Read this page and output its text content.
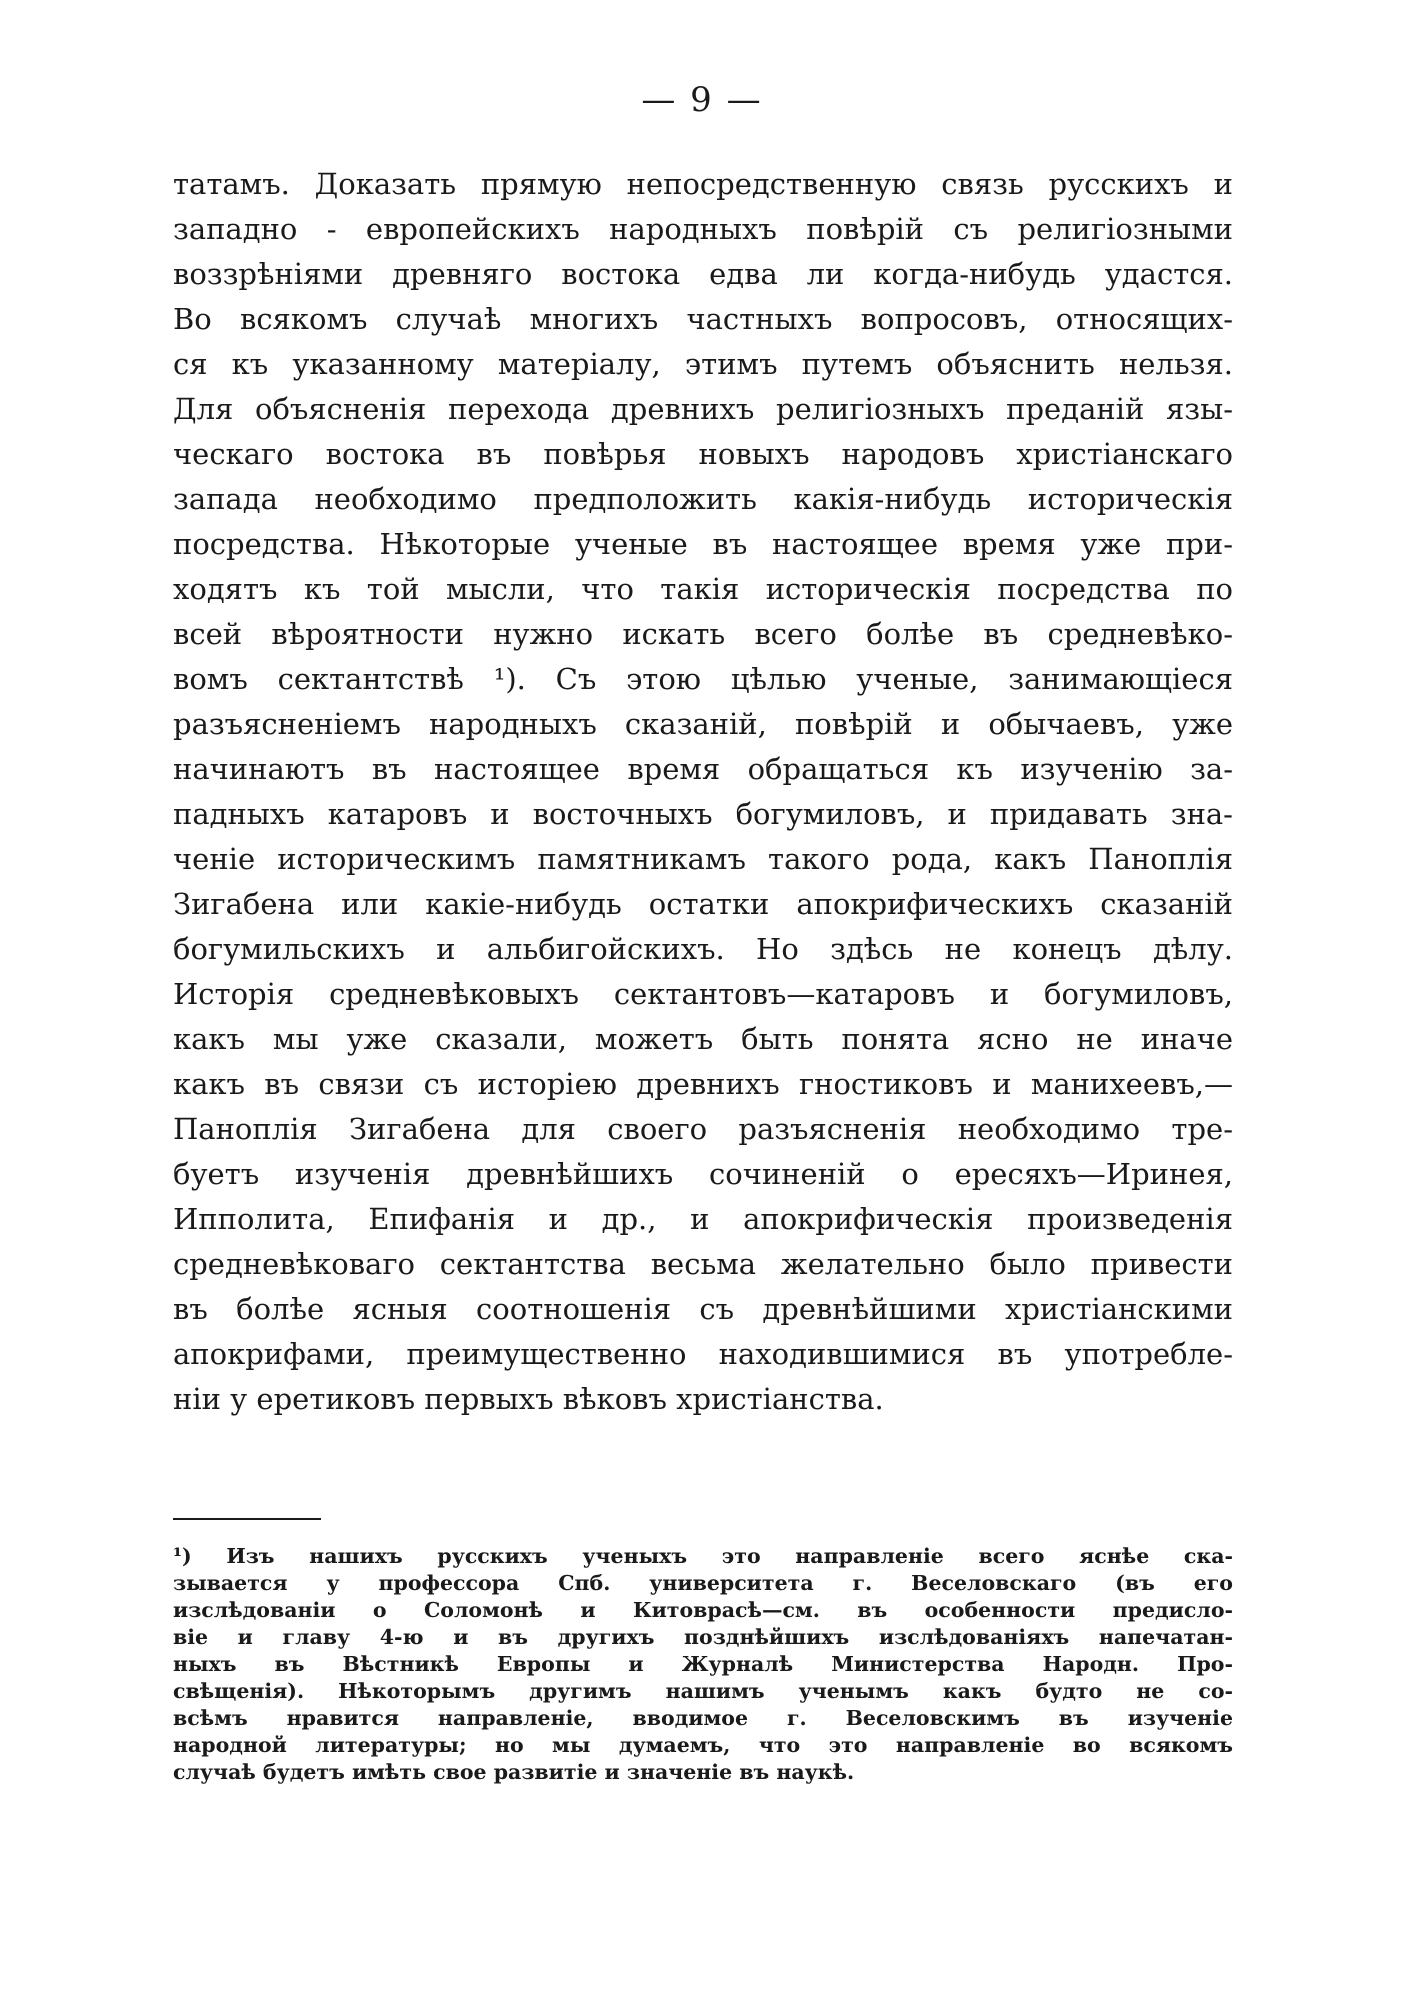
— 9 —
татамъ. Доказать прямую непосредственную связь русскихъ и
западно - европейскихъ народныхъ повѣрій съ религіозными
воззрѣніями древняго востока едва ли когда-нибудь удастся.
Во всякомъ случаѣ многихъ частныхъ вопросовъ, относящих-
ся къ указанному матеріалу, этимъ путемъ объяснить нельзя.
Для объясненія перехода древнихъ религіозныхъ преданій язы-
ческаго востока въ повѣрья новыхъ народовъ христіанскаго
запада необходимо предположить какія-нибудь историческія
посредства. Нѣкоторые ученые въ настоящее время уже при-
ходятъ къ той мысли, что такія историческія посредства по
всей вѣроятности нужно искать всего болѣе въ средневѣко-
вомъ сектантствѣ ¹). Съ этою цѣлью ученые, занимающіеся
разъясненіемъ народныхъ сказаній, повѣрій и обычаевъ, уже
начинаютъ въ настоящее время обращаться къ изученію за-
падныхъ катаровъ и восточныхъ богумиловъ, и придавать зна-
ченіе историческимъ памятникамъ такого рода, какъ Паноплія
Зигабена или какіе-нибудь остатки апокрифическихъ сказаній
богумильскихъ и альбигойскихъ. Но здѣсь не конецъ дѣлу.
Исторія средневѣковыхъ сектантовъ—катаровъ и богумиловъ,
какъ мы уже сказали, можетъ быть понята ясно не иначе
какъ въ связи съ исторіею древнихъ гностиковъ и манихеевъ,—
Паноплія Зигабена для своего разъясненія необходимо тре-
буетъ изученія древнѣйшихъ сочиненій о ересяхъ—Иринея,
Ипполита, Епифанія и др., и апокрифическія произведенія
средневѣковаго сектантства весьма желательно было привести
въ болѣе ясныя соотношенія съ древнѣйшими христіанскими
апокрифами, преимущественно находившимися въ употребле-
ніи у еретиковъ первыхъ вѣковъ христіанства.
¹) Изъ нашихъ русскихъ ученыхъ это направленіе всего яснѣе ска-
зывается у профессора Спб. университета г. Веселовскаго (въ его
изслѣдованіи о Соломонѣ и Китоврасѣ—см. въ особенности предислo-
віе и главу 4-ю и въ другихъ позднѣйшихъ изслѣдованіяхъ напечатан-
ныхъ въ Вѣстникѣ Европы и Журналѣ Министерства Народн. Про-
свѣщенія). Нѣкоторымъ другимъ нашимъ ученымъ какъ будто не со-
всѣмъ нравится направленіе, вводимое г. Веселовскимъ въ изученіе
народной литературы; но мы думаемъ, что это направленіе во всякомъ
случаѣ будетъ имѣть свое развитіе и значеніе въ наукѣ.
